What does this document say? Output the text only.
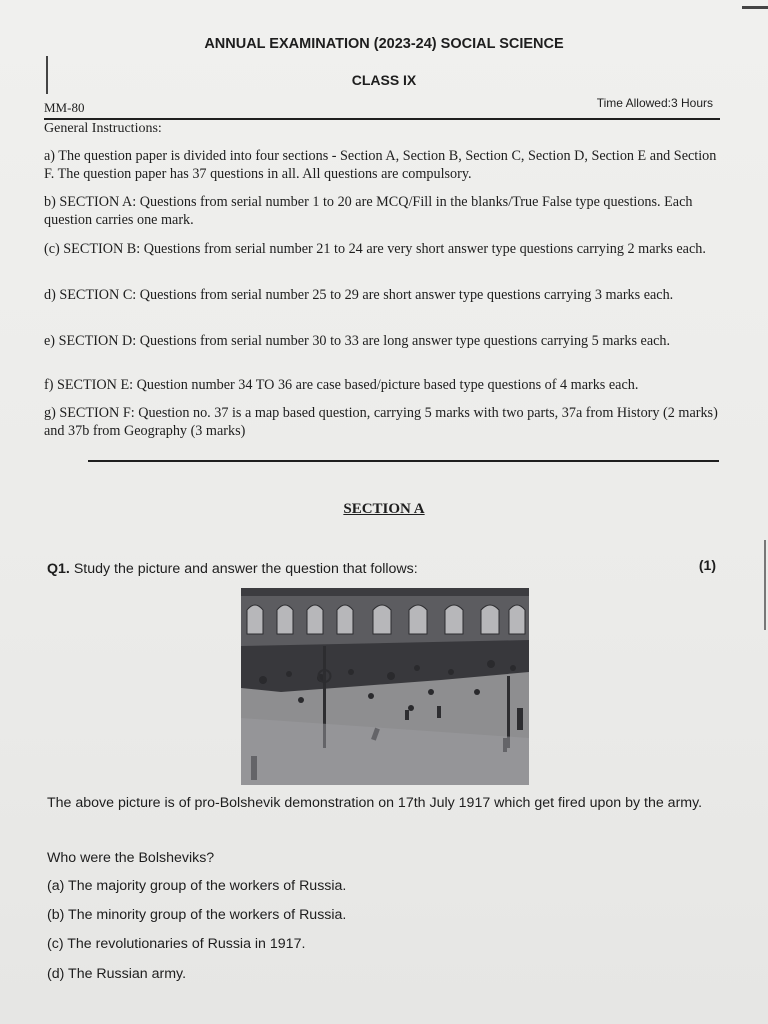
ANNUAL EXAMINATION (2023-24) SOCIAL SCIENCE
CLASS IX
MM-80	Time Allowed:3 Hours
General Instructions:
a) The question paper is divided into four sections - Section A, Section B, Section C, Section D, Section E and Section F. The question paper has 37 questions in all. All questions are compulsory.
b) SECTION A: Questions from serial number 1 to 20 are MCQ/Fill in the blanks/True False type questions. Each question carries one mark.
(c) SECTION B: Questions from serial number 21 to 24 are very short answer type questions carrying 2 marks each.
d) SECTION C: Questions from serial number 25 to 29 are short answer type questions carrying 3 marks each.
e) SECTION D: Questions from serial number 30 to 33 are long answer type questions carrying 5 marks each.
f) SECTION E: Question number 34 TO 36 are case based/picture based type questions of 4 marks each.
g) SECTION F: Question no. 37 is a map based question, carrying 5 marks with two parts, 37a from History (2 marks) and 37b from Geography (3 marks)
SECTION A
Q1. Study the picture and answer the question that follows:	(1)
The above picture is of pro-Bolshevik demonstration on 17th July 1917 which get fired upon by the army.
Who were the Bolsheviks?
(a) The majority group of the workers of Russia.
(b) The minority group of the workers of Russia.
(c) The revolutionaries of Russia in 1917.
(d) The Russian army.
